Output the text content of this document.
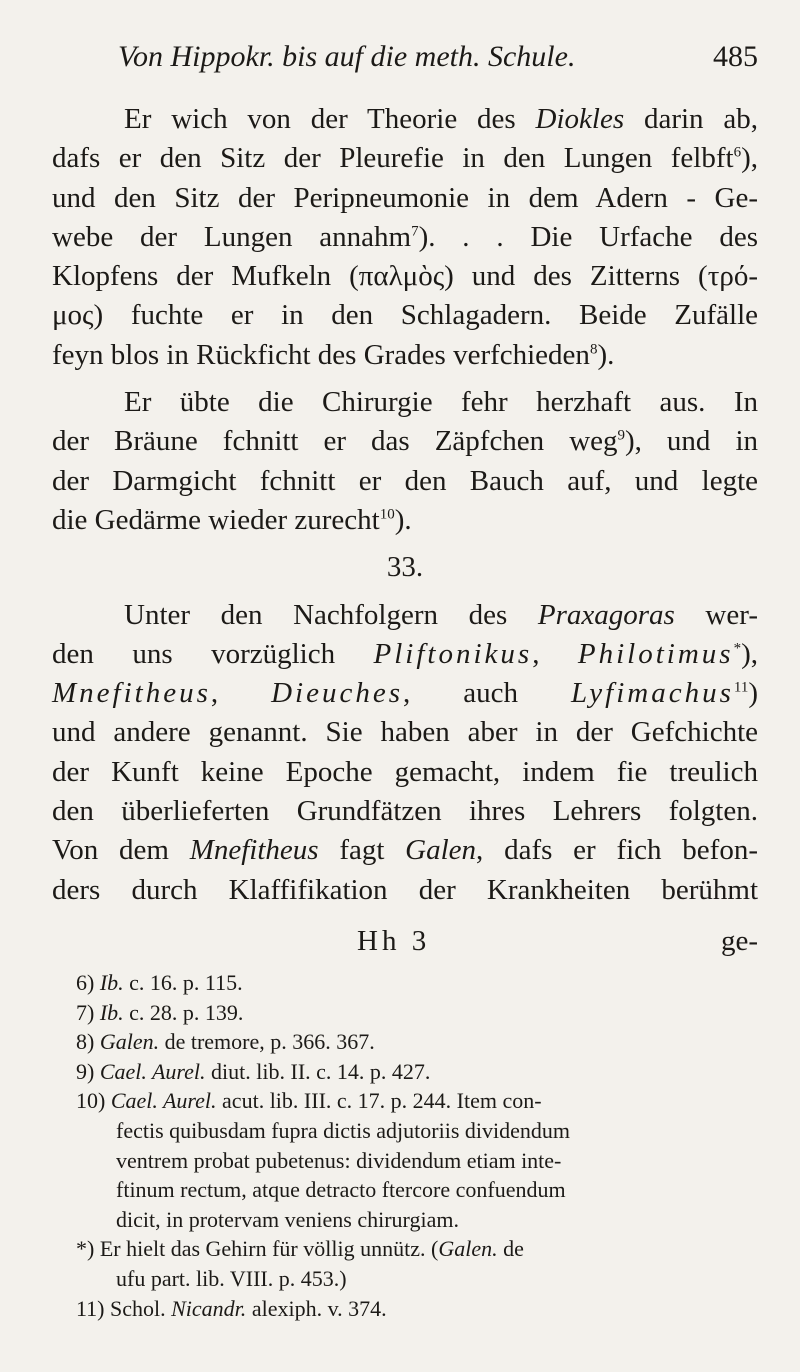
Von Hippokr. bis auf die meth. Schule.	485
Er wich von der Theorie des Diokles darin ab,
dafs er den Sitz der Pleurefie in den Lungen felbft$^6$),
und den Sitz der Peripneumonie in dem Adern - Ge-
webe der Lungen annahm$^7$). . . Die Urfache des
Klopfens der Mufkeln (παλμὸς) und des Zitterns (τρό-
μος) fuchte er in den Schlagadern. Beide Zufälle
feyn blos in Rückficht des Grades verfchieden$^8$).
Er übte die Chirurgie fehr herzhaft aus. In
der Bräune fchnitt er das Zäpfchen weg$^9$), und in
der Darmgicht fchnitt er den Bauch auf, und legte
die Gedärme wieder zurecht$^{10}$).
33.
Unter den Nachfolgern des Praxagoras wer-
den uns vorzüglich Pliftonikus, Philotimus*),
Mnefitheus, Dieuches, auch Lyfimachus$^{11}$)
und andere genannt. Sie haben aber in der Gefchichte
der Kunft keine Epoche gemacht, indem fie treulich
den überlieferten Grundfätzen ihres Lehrers folgten.
Von dem Mnefitheus fagt Galen, dafs er fich befon-
ders durch Klaffifikation der Krankheiten berühmt
Hh 3	ge-
6) Ib. c. 16. p. 115.
7) Ib. c. 28. p. 139.
8) Galen. de tremore, p. 366. 367.
9) Cael. Aurel. diut. lib. II. c. 14. p. 427.
10) Cael. Aurel. acut. lib. III. c. 17. p. 244. Item con-
fectis quibusdam fupra dictis adjutoriis dividendum
ventrem probat pubetenus: dividendum etiam inte-
ftinum rectum, atque detracto ftercore confuendum
dicit, in protervam veniens chirurgiam.
*) Er hielt das Gehirn für völlig unnütz. (Galen. de
ufu part. lib. VIII. p. 453.)
11) Schol. Nicandr. alexiph. v. 374.
